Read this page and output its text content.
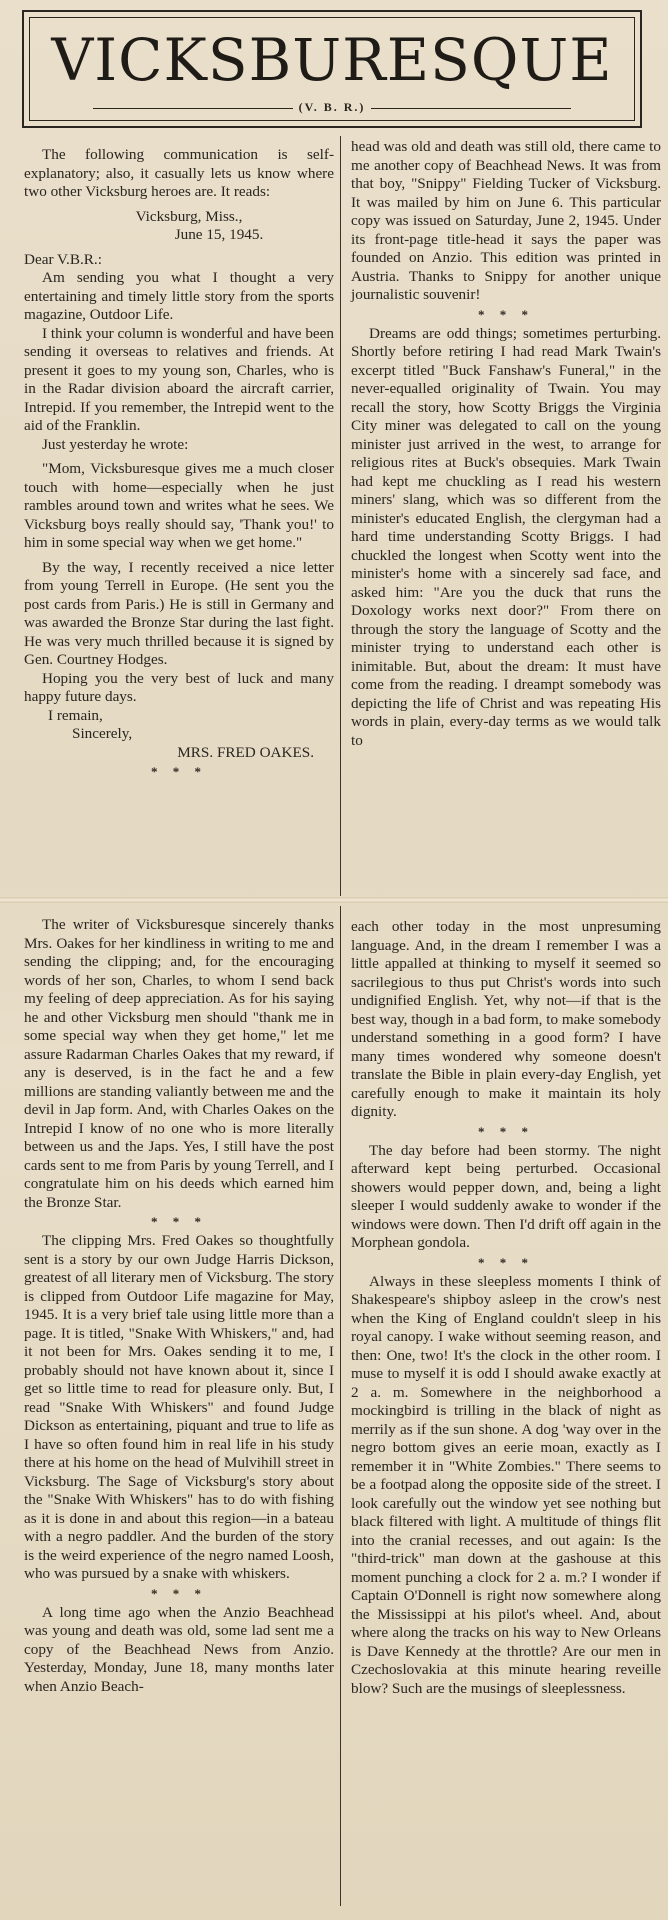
VICKSBURESQUE
(V. B. R.)

The following communication is self-explanatory; also, it casually lets us know where two other Vicksburg heroes are. It reads:

Vicksburg, Miss.,

June 15, 1945.

Dear V.B.R.:

Am sending you what I thought a very entertaining and timely little story from the sports magazine, Outdoor Life.

I think your column is wonderful and have been sending it overseas to relatives and friends. At present it goes to my young son, Charles, who is in the Radar division aboard the aircraft carrier, Intrepid. If you remember, the Intrepid went to the aid of the Franklin.

Just yesterday he wrote:

"Mom, Vicksburesque gives me a much closer touch with home—especially when he just rambles around town and writes what he sees. We Vicksburg boys really should say, 'Thank you!' to him in some special way when we get home."

By the way, I recently received a nice letter from young Terrell in Europe. (He sent you the post cards from Paris.) He is still in Germany and was awarded the Bronze Star during the last fight. He was very much thrilled because it is signed by Gen. Courtney Hodges.

Hoping you the very best of luck and many happy future days.

I remain,

Sincerely,

MRS. FRED OAKES.

* * *

head was old and death was still old, there came to me another copy of Beachhead News. It was from that boy, "Snippy" Fielding Tucker of Vicksburg. It was mailed by him on June 6. This particular copy was issued on Saturday, June 2, 1945. Under its front-page title-head it says the paper was founded on Anzio. This edition was printed in Austria. Thanks to Snippy for another unique journalistic souvenir!

* * *

Dreams are odd things; sometimes perturbing. Shortly before retiring I had read Mark Twain's excerpt titled "Buck Fanshaw's Funeral," in the never-equalled originality of Twain. You may recall the story, how Scotty Briggs the Virginia City miner was delegated to call on the young minister just arrived in the west, to arrange for religious rites at Buck's obsequies. Mark Twain had kept me chuckling as I read his western miners' slang, which was so different from the minister's educated English, the clergyman had a hard time understanding Scotty Briggs. I had chuckled the longest when Scotty went into the minister's home with a sincerely sad face, and asked him: "Are you the duck that runs the Doxology works next door?" From there on through the story the language of Scotty and the minister trying to understand each other is inimitable. But, about the dream: It must have come from the reading. I dreampt somebody was depicting the life of Christ and was repeating His words in plain, every-day terms as we would talk to

The writer of Vicksburesque sincerely thanks Mrs. Oakes for her kindliness in writing to me and sending the clipping; and, for the encouraging words of her son, Charles, to whom I send back my feeling of deep appreciation. As for his saying he and other Vicksburg men should "thank me in some special way when they get home," let me assure Radarman Charles Oakes that my reward, if any is deserved, is in the fact he and a few millions are standing valiantly between me and the devil in Jap form. And, with Charles Oakes on the Intrepid I know of no one who is more literally between us and the Japs. Yes, I still have the post cards sent to me from Paris by young Terrell, and I congratulate him on his deeds which earned him the Bronze Star.

* * *

The clipping Mrs. Fred Oakes so thoughtfully sent is a story by our own Judge Harris Dickson, greatest of all literary men of Vicksburg. The story is clipped from Outdoor Life magazine for May, 1945. It is a very brief tale using little more than a page. It is titled, "Snake With Whiskers," and, had it not been for Mrs. Oakes sending it to me, I probably should not have known about it, since I get so little time to read for pleasure only. But, I read "Snake With Whiskers" and found Judge Dickson as entertaining, piquant and true to life as I have so often found him in real life in his study there at his home on the head of Mulvihill street in Vicksburg. The Sage of Vicksburg's story about the "Snake With Whiskers" has to do with fishing as it is done in and about this region—in a bateau with a negro paddler. And the burden of the story is the weird experience of the negro named Loosh, who was pursued by a snake with whiskers.

* * *

A long time ago when the Anzio Beachhead was young and death was old, some lad sent me a copy of the Beachhead News from Anzio. Yesterday, Monday, June 18, many months later when Anzio Beach-

each other today in the most unpresuming language. And, in the dream I remember I was a little appalled at thinking to myself it seemed so sacrilegious to thus put Christ's words into such undignified English. Yet, why not—if that is the best way, though in a bad form, to make somebody understand something in a good form? I have many times wondered why someone doesn't translate the Bible in plain every-day English, yet carefully enough to make it maintain its holy dignity.

* * *

The day before had been stormy. The night afterward kept being perturbed. Occasional showers would pepper down, and, being a light sleeper I would suddenly awake to wonder if the windows were down. Then I'd drift off again in the Morphean gondola.

* * *

Always in these sleepless moments I think of Shakespeare's shipboy asleep in the crow's nest when the King of England couldn't sleep in his royal canopy. I wake without seeming reason, and then: One, two! It's the clock in the other room. I muse to myself it is odd I should awake exactly at 2 a. m. Somewhere in the neighborhood a mockingbird is trilling in the black of night as merrily as if the sun shone. A dog 'way over in the negro bottom gives an eerie moan, exactly as I remember it in "White Zombies." There seems to be a footpad along the opposite side of the street. I look carefully out the window yet see nothing but black filtered with light. A multitude of things flit into the cranial recesses, and out again: Is the "third-trick" man down at the gashouse at this moment punching a clock for 2 a. m.? I wonder if Captain O'Donnell is right now somewhere along the Mississippi at his pilot's wheel. And, about where along the tracks on his way to New Orleans is Dave Kennedy at the throttle? Are our men in Czechoslovakia at this minute hearing reveille blow? Such are the musings of sleeplessness.
